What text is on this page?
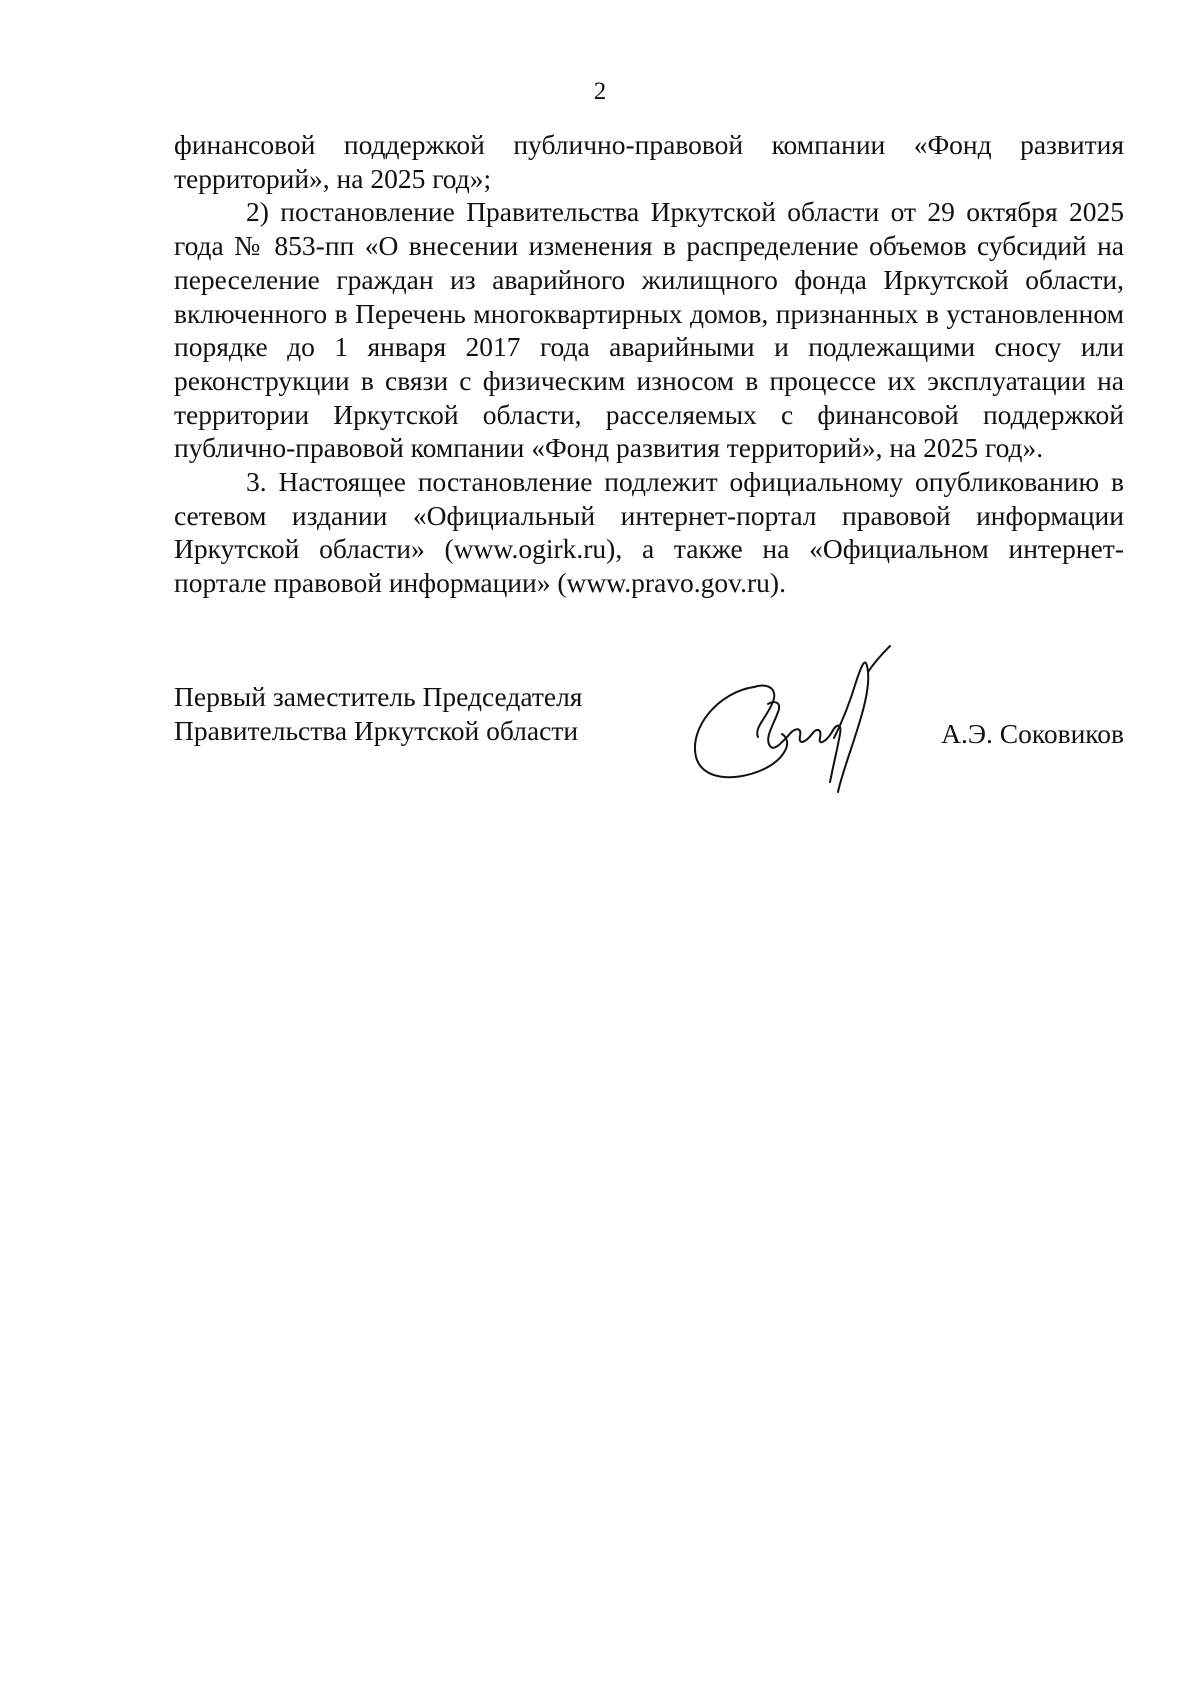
2

финансовой поддержкой публично-правовой компании «Фонд развития территорий», на 2025 год»;

2) постановление Правительства Иркутской области от 29 октября 2025 года № 853-пп «О внесении изменения в распределение объемов субсидий на переселение граждан из аварийного жилищного фонда Иркутской области, включенного в Перечень многоквартирных домов, признанных в установленном порядке до 1 января 2017 года аварийными и подлежащими сносу или реконструкции в связи с физическим износом в процессе их эксплуатации на территории Иркутской области, расселяемых с финансовой поддержкой публично-правовой компании «Фонд развития территорий», на 2025 год».

3. Настоящее постановление подлежит официальному опубликованию в сетевом издании «Официальный интернет-портал правовой информации Иркутской области» (www.ogirk.ru), а также на «Официальном интернет-портале правовой информации» (www.pravo.gov.ru).

Первый заместитель Председателя
Правительства Иркутской области	А.Э. Соковиков
